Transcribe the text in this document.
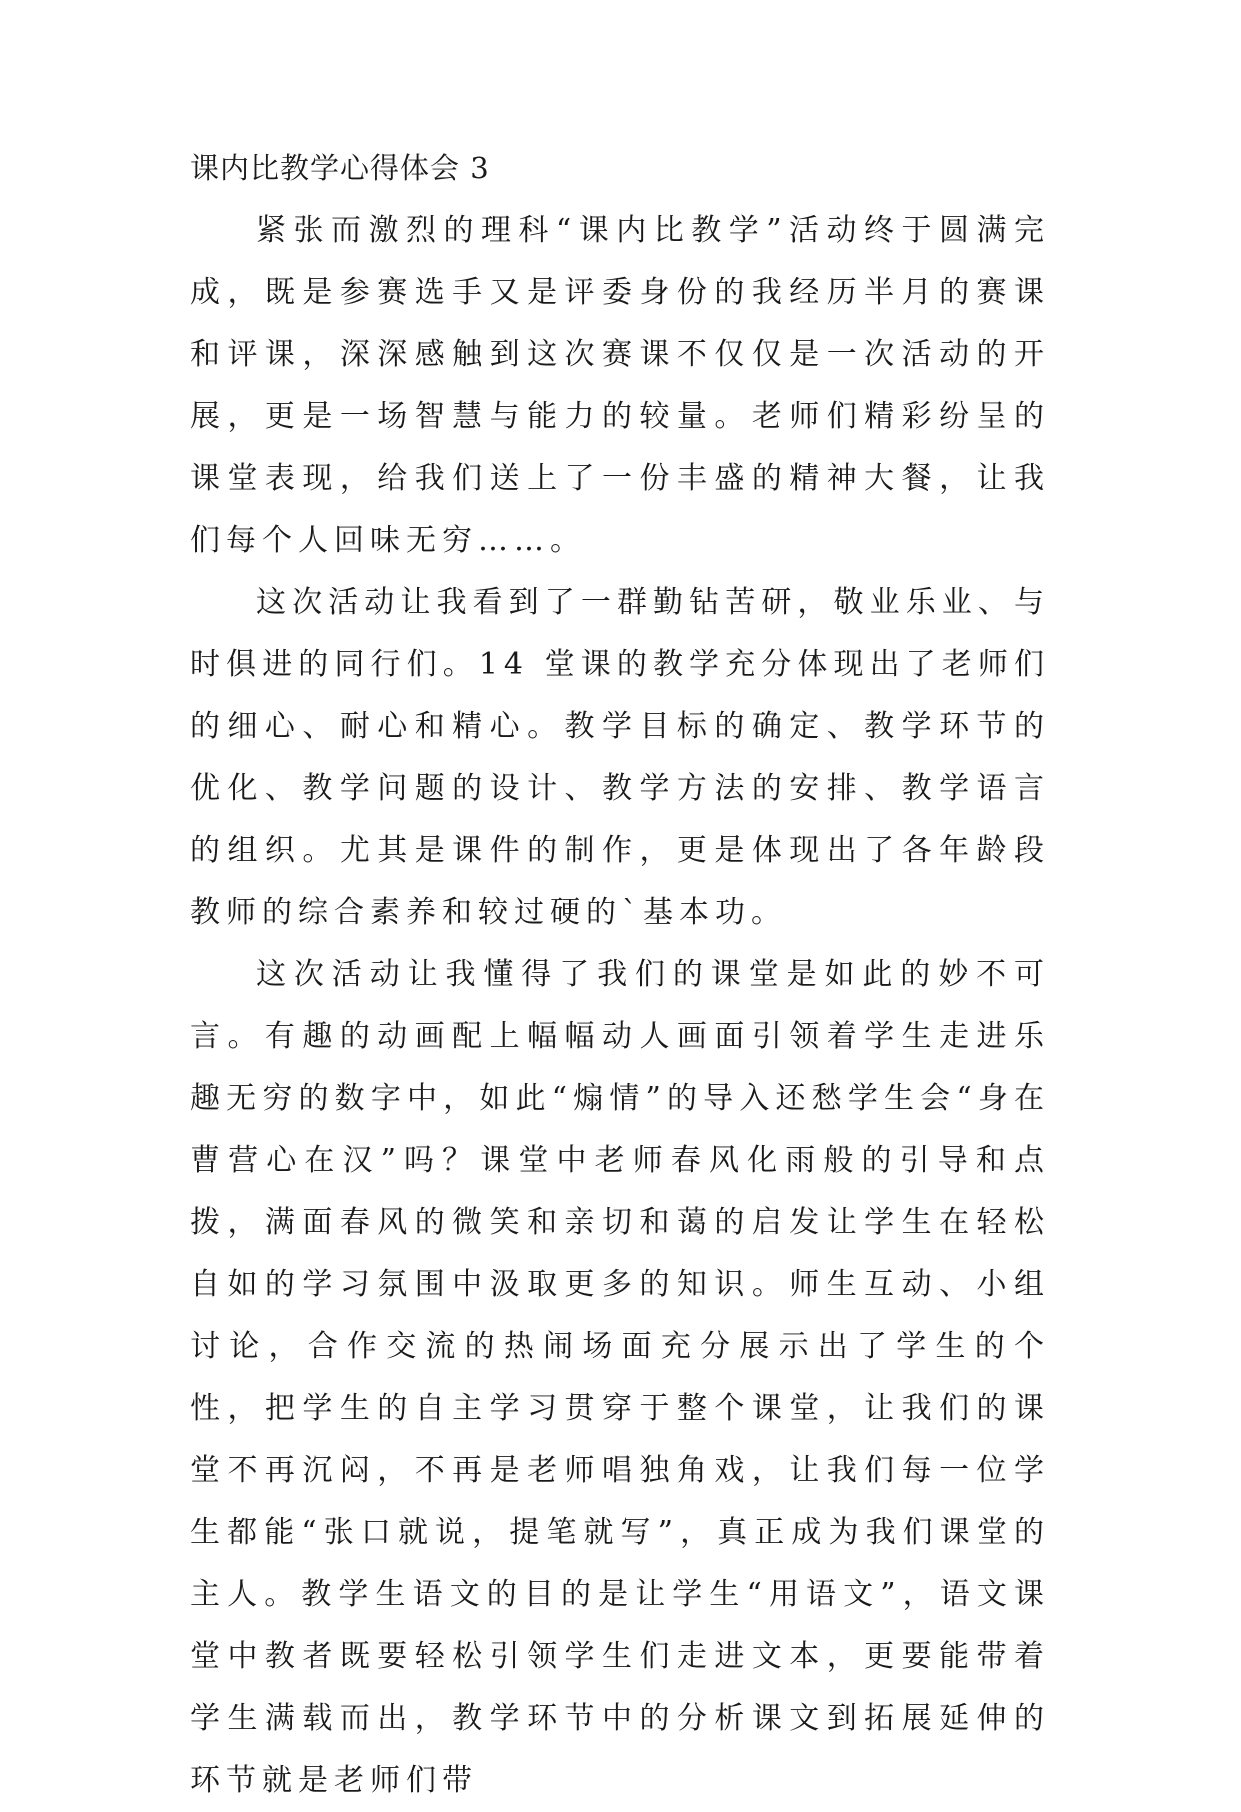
课内比教学心得体会 3

紧张而激烈的理科“课内比教学”活动终于圆满完成，既是参赛选手又是评委身份的我经历半月的赛课和评课，深深感触到这次赛课不仅仅是一次活动的开展，更是一场智慧与能力的较量。老师们精彩纷呈的课堂表现，给我们送上了一份丰盛的精神大餐，让我们每个人回味无穷……。

这次活动让我看到了一群勤钻苦研，敬业乐业、与时俱进的同行们。14 堂课的教学充分体现出了老师们的细心、耐心和精心。教学目标的确定、教学环节的优化、教学问题的设计、教学方法的安排、教学语言的组织。尤其是课件的制作，更是体现出了各年龄段教师的综合素养和较过硬的`基本功。

这次活动让我懂得了我们的课堂是如此的妙不可言。有趣的动画配上幅幅动人画面引领着学生走进乐趣无穷的数字中，如此“煽情”的导入还愁学生会“身在曹营心在汉”吗？课堂中老师春风化雨般的引导和点拨，满面春风的微笑和亲切和蔼的启发让学生在轻松自如的学习氛围中汲取更多的知识。师生互动、小组讨论，合作交流的热闹场面充分展示出了学生的个性，把学生的自主学习贯穿于整个课堂，让我们的课堂不再沉闷，不再是老师唱独角戏，让我们每一位学生都能“张口就说，提笔就写”，真正成为我们课堂的主人。教学生语文的目的是让学生“用语文”，语文课堂中教者既要轻松引领学生们走进文本，更要能带着学生满载而出，教学环节中的分析课文到拓展延伸的环节就是老师们带
